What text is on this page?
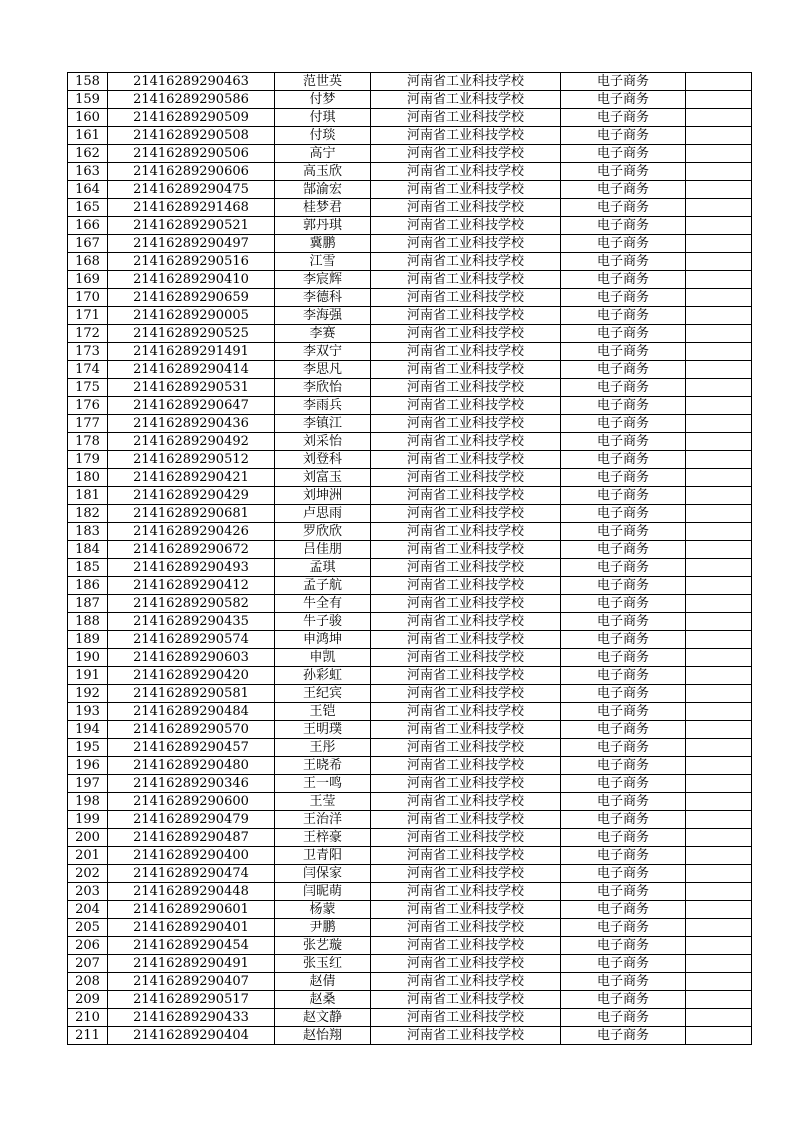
158	21416289290463	范世英	河南省工业科技学校	电子商务	
159	21416289290586	付梦	河南省工业科技学校	电子商务	
160	21416289290509	付琪	河南省工业科技学校	电子商务	
161	21416289290508	付琰	河南省工业科技学校	电子商务	
162	21416289290506	高宁	河南省工业科技学校	电子商务	
163	21416289290606	高玉欣	河南省工业科技学校	电子商务	
164	21416289290475	郜渝宏	河南省工业科技学校	电子商务	
165	21416289291468	桂梦君	河南省工业科技学校	电子商务	
166	21416289290521	郭丹琪	河南省工业科技学校	电子商务	
167	21416289290497	冀鹏	河南省工业科技学校	电子商务	
168	21416289290516	江雪	河南省工业科技学校	电子商务	
169	21416289290410	李宸辉	河南省工业科技学校	电子商务	
170	21416289290659	李德科	河南省工业科技学校	电子商务	
171	21416289290005	李海强	河南省工业科技学校	电子商务	
172	21416289290525	李赛	河南省工业科技学校	电子商务	
173	21416289291491	李双宁	河南省工业科技学校	电子商务	
174	21416289290414	李思凡	河南省工业科技学校	电子商务	
175	21416289290531	李欣怡	河南省工业科技学校	电子商务	
176	21416289290647	李雨兵	河南省工业科技学校	电子商务	
177	21416289290436	李镇江	河南省工业科技学校	电子商务	
178	21416289290492	刘采怡	河南省工业科技学校	电子商务	
179	21416289290512	刘登科	河南省工业科技学校	电子商务	
180	21416289290421	刘富玉	河南省工业科技学校	电子商务	
181	21416289290429	刘坤洲	河南省工业科技学校	电子商务	
182	21416289290681	卢思雨	河南省工业科技学校	电子商务	
183	21416289290426	罗欣欣	河南省工业科技学校	电子商务	
184	21416289290672	吕佳朋	河南省工业科技学校	电子商务	
185	21416289290493	孟琪	河南省工业科技学校	电子商务	
186	21416289290412	孟子航	河南省工业科技学校	电子商务	
187	21416289290582	牛全有	河南省工业科技学校	电子商务	
188	21416289290435	牛子骏	河南省工业科技学校	电子商务	
189	21416289290574	申鸿坤	河南省工业科技学校	电子商务	
190	21416289290603	申凯	河南省工业科技学校	电子商务	
191	21416289290420	孙彩虹	河南省工业科技学校	电子商务	
192	21416289290581	王纪宾	河南省工业科技学校	电子商务	
193	21416289290484	王铠	河南省工业科技学校	电子商务	
194	21416289290570	王明璞	河南省工业科技学校	电子商务	
195	21416289290457	王彤	河南省工业科技学校	电子商务	
196	21416289290480	王晓希	河南省工业科技学校	电子商务	
197	21416289290346	王一鸣	河南省工业科技学校	电子商务	
198	21416289290600	王莹	河南省工业科技学校	电子商务	
199	21416289290479	王治洋	河南省工业科技学校	电子商务	
200	21416289290487	王梓豪	河南省工业科技学校	电子商务	
201	21416289290400	卫青阳	河南省工业科技学校	电子商务	
202	21416289290474	闫保家	河南省工业科技学校	电子商务	
203	21416289290448	闫昵萌	河南省工业科技学校	电子商务	
204	21416289290601	杨蒙	河南省工业科技学校	电子商务	
205	21416289290401	尹鹏	河南省工业科技学校	电子商务	
206	21416289290454	张艺璇	河南省工业科技学校	电子商务	
207	21416289290491	张玉红	河南省工业科技学校	电子商务	
208	21416289290407	赵倩	河南省工业科技学校	电子商务	
209	21416289290517	赵桑	河南省工业科技学校	电子商务	
210	21416289290433	赵文静	河南省工业科技学校	电子商务	
211	21416289290404	赵怡翔	河南省工业科技学校	电子商务	
